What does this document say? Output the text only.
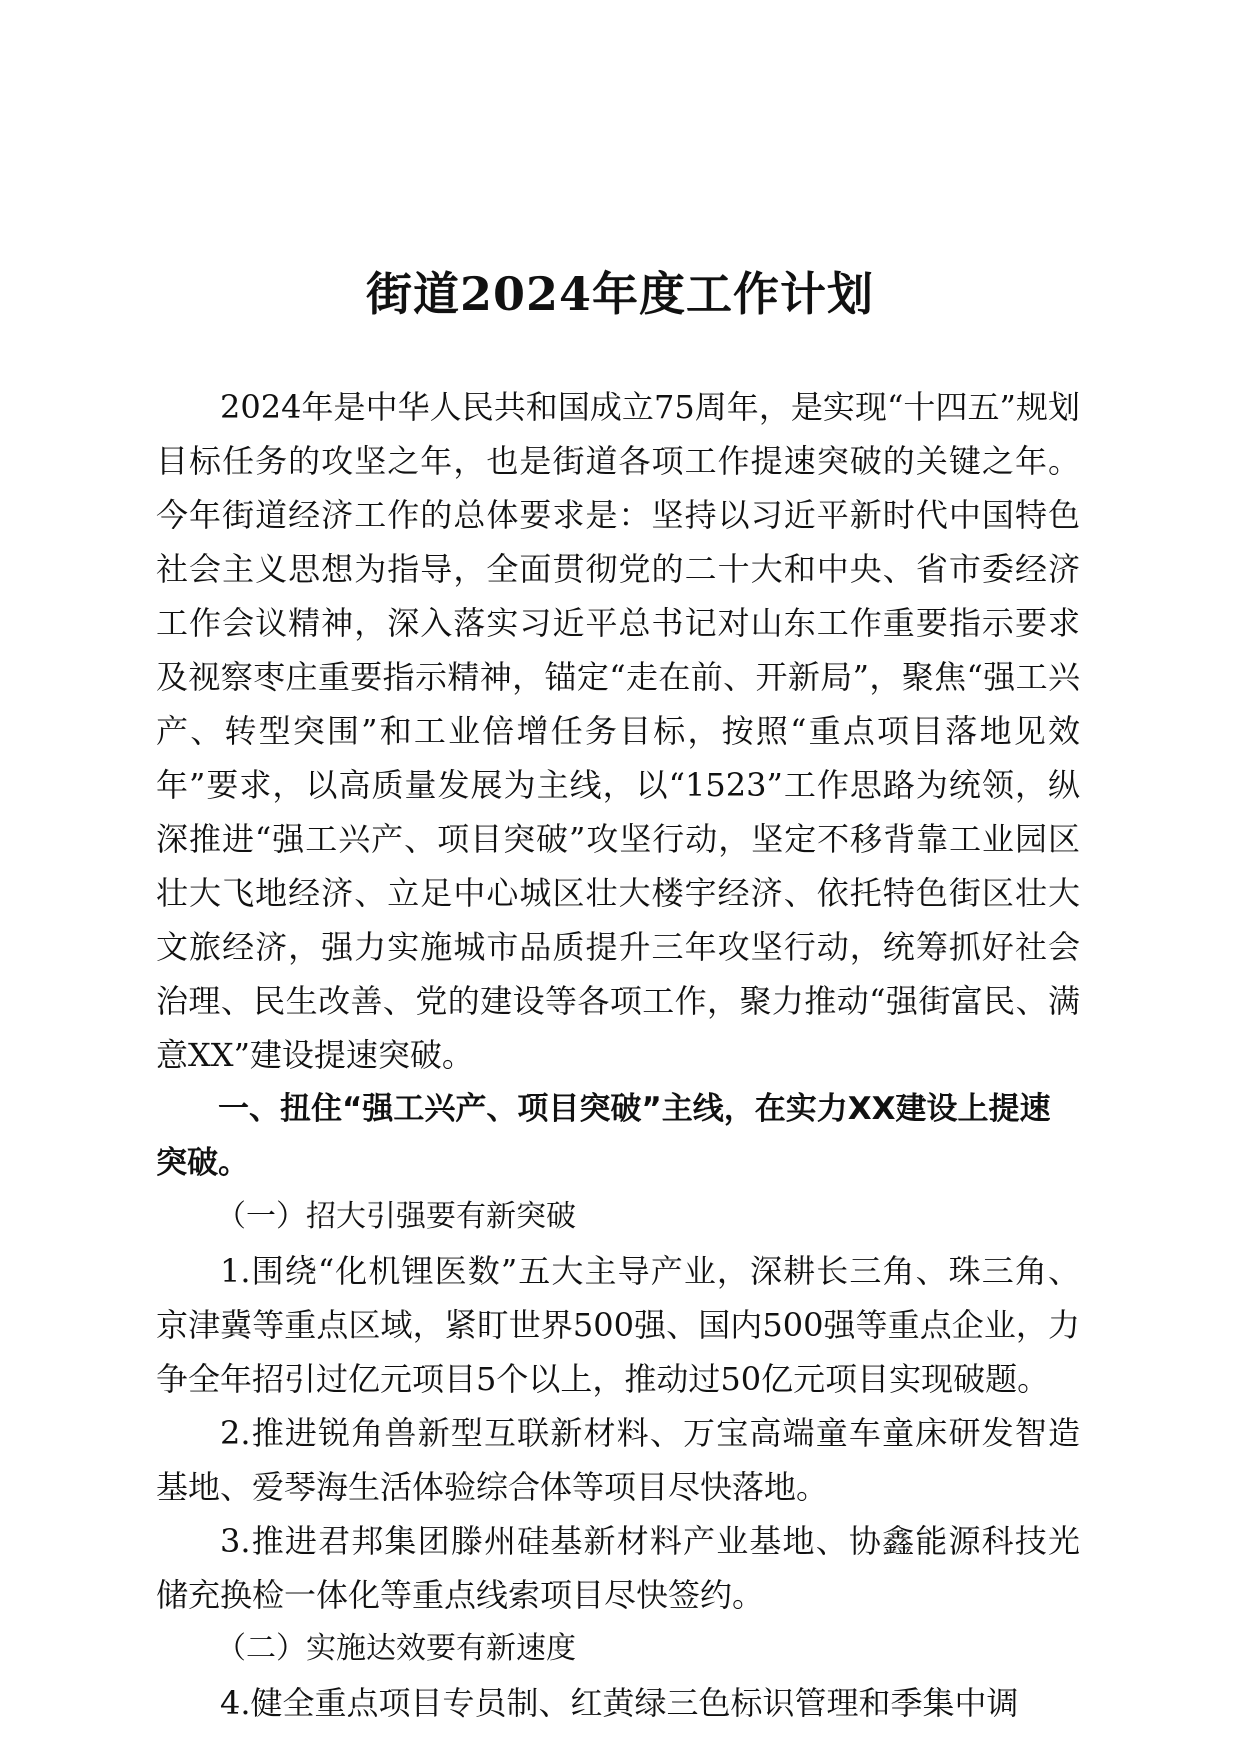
街道2024年度工作计划

2024年是中华人民共和国成立75周年，是实现“十四五”规划目标任务的攻坚之年，也是街道各项工作提速突破的关键之年。今年街道经济工作的总体要求是：坚持以习近平新时代中国特色社会主义思想为指导，全面贯彻党的二十大和中央、省市委经济工作会议精神，深入落实习近平总书记对山东工作重要指示要求及视察枣庄重要指示精神，锚定“走在前、开新局”，聚焦“强工兴产、转型突围”和工业倍增任务目标，按照“重点项目落地见效年”要求，以高质量发展为主线，以“1523”工作思路为统领，纵深推进“强工兴产、项目突破”攻坚行动，坚定不移背靠工业园区壮大飞地经济、立足中心城区壮大楼宇经济、依托特色街区壮大文旅经济，强力实施城市品质提升三年攻坚行动，统筹抓好社会治理、民生改善、党的建设等各项工作，聚力推动“强街富民、满意XX”建设提速突破。

一、扭住“强工兴产、项目突破”主线，在实力XX建设上提速突破。

（一）招大引强要有新突破

1.围绕“化机锂医数”五大主导产业，深耕长三角、珠三角、京津冀等重点区域，紧盯世界500强、国内500强等重点企业，力争全年招引过亿元项目5个以上，推动过50亿元项目实现破题。

2.推进锐角兽新型互联新材料、万宝高端童车童床研发智造基地、爱琴海生活体验综合体等项目尽快落地。

3.推进君邦集团滕州硅基新材料产业基地、协鑫能源科技光储充换检一体化等重点线索项目尽快签约。

（二）实施达效要有新速度

4.健全重点项目专员制、红黄绿三色标识管理和季集中调
